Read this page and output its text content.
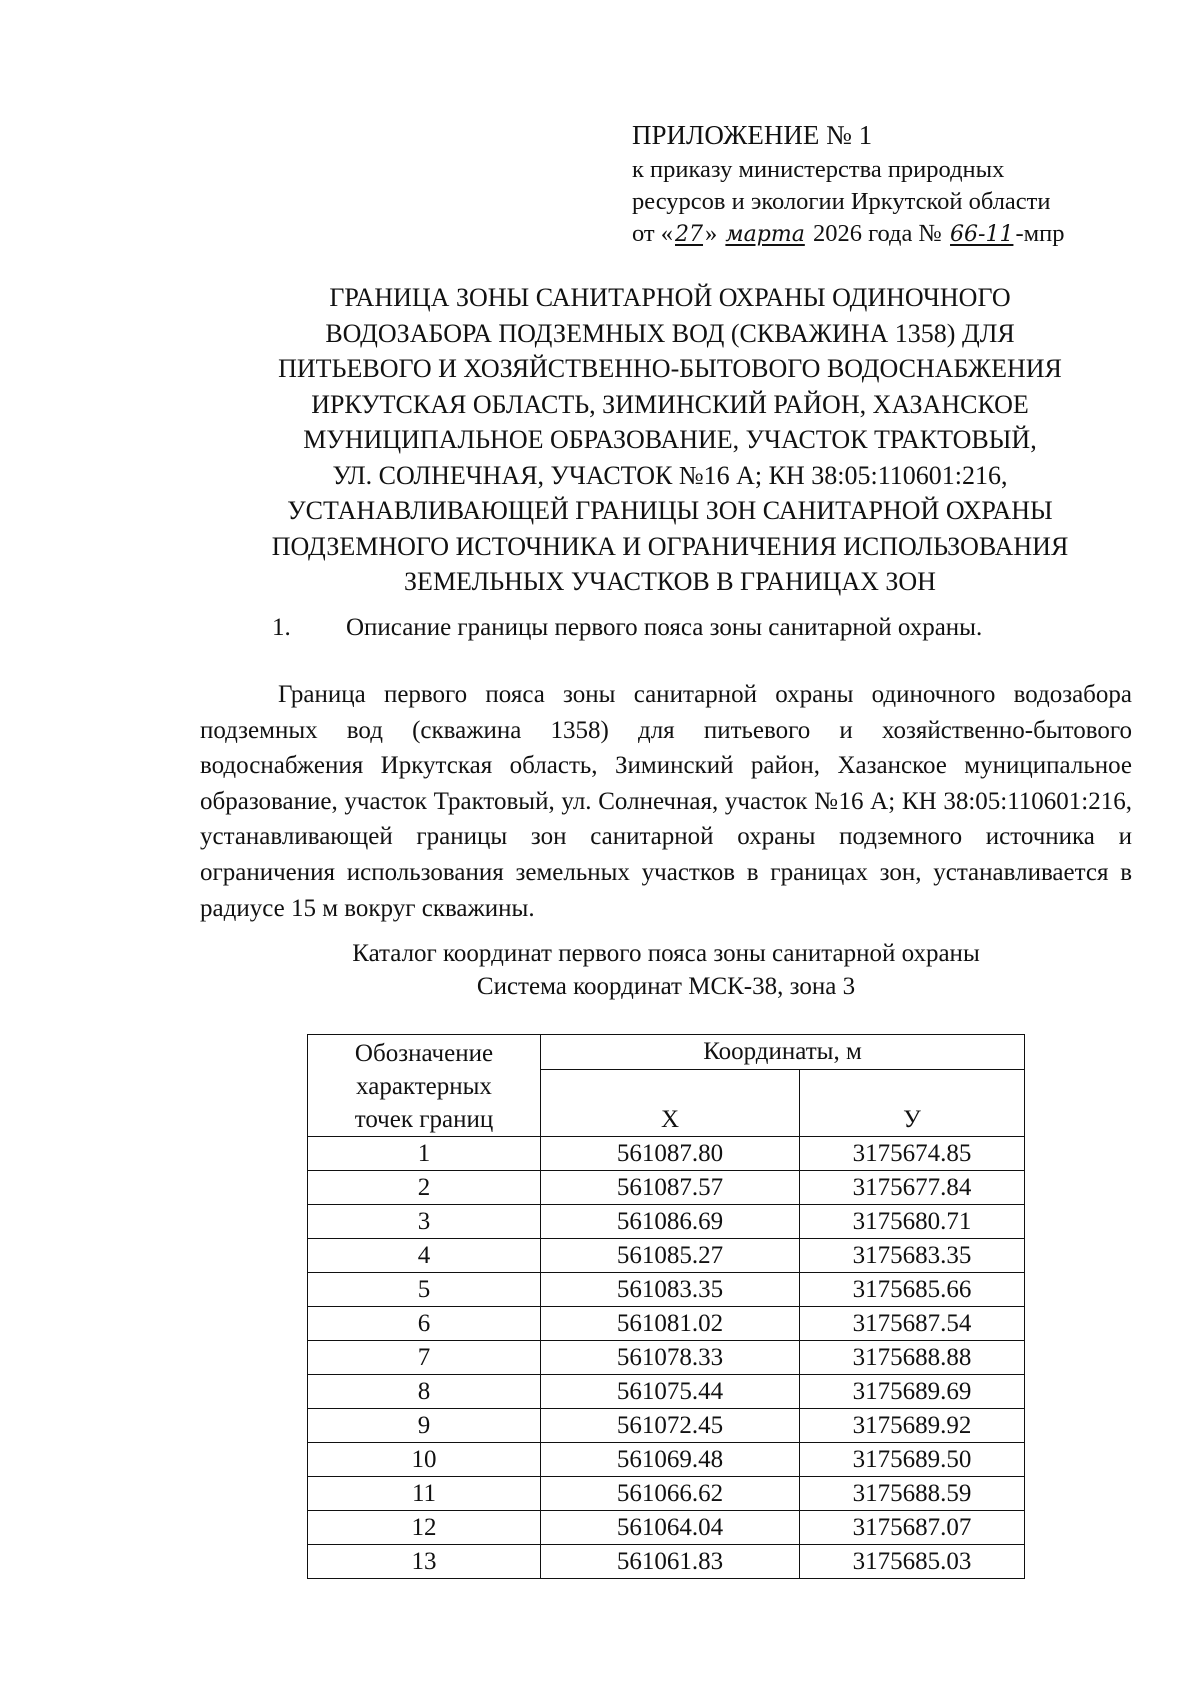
ПРИЛОЖЕНИЕ № 1
к приказу министерства природных
ресурсов и экологии Иркутской области
от «27» марта 2026 года № 66-11-мпр
ГРАНИЦА ЗОНЫ САНИТАРНОЙ ОХРАНЫ ОДИНОЧНОГО
ВОДОЗАБОРА ПОДЗЕМНЫХ ВОД (СКВАЖИНА 1358) ДЛЯ
ПИТЬЕВОГО И ХОЗЯЙСТВЕННО-БЫТОВОГО ВОДОСНАБЖЕНИЯ
ИРКУТСКАЯ ОБЛАСТЬ, ЗИМИНСКИЙ РАЙОН, ХАЗАНСКОЕ
МУНИЦИПАЛЬНОЕ ОБРАЗОВАНИЕ, УЧАСТОК ТРАКТОВЫЙ,
УЛ. СОЛНЕЧНАЯ, УЧАСТОК №16 А; КН 38:05:110601:216,
УСТАНАВЛИВАЮЩЕЙ ГРАНИЦЫ ЗОН САНИТАРНОЙ ОХРАНЫ
ПОДЗЕМНОГО ИСТОЧНИКА И ОГРАНИЧЕНИЯ ИСПОЛЬЗОВАНИЯ
ЗЕМЕЛЬНЫХ УЧАСТКОВ В ГРАНИЦАХ ЗОН
1. Описание границы первого пояса зоны санитарной охраны.
Граница первого пояса зоны санитарной охраны одиночного водозабора подземных вод (скважина 1358) для питьевого и хозяйственно-бытового водоснабжения Иркутская область, Зиминский район, Хазанское муниципальное образование, участок Трактовый, ул. Солнечная, участок №16 А; КН 38:05:110601:216, устанавливающей границы зон санитарной охраны подземного источника и ограничения использования земельных участков в границах зон, устанавливается в радиусе 15 м вокруг скважины.
Каталог координат первого пояса зоны санитарной охраны
Система координат МСК-38, зона 3
Обозначение
характерных
точек границ	Координаты, м	
	X	У
1	561087.80	3175674.85
2	561087.57	3175677.84
3	561086.69	3175680.71
4	561085.27	3175683.35
5	561083.35	3175685.66
6	561081.02	3175687.54
7	561078.33	3175688.88
8	561075.44	3175689.69
9	561072.45	3175689.92
10	561069.48	3175689.50
11	561066.62	3175688.59
12	561064.04	3175687.07
13	561061.83	3175685.03
